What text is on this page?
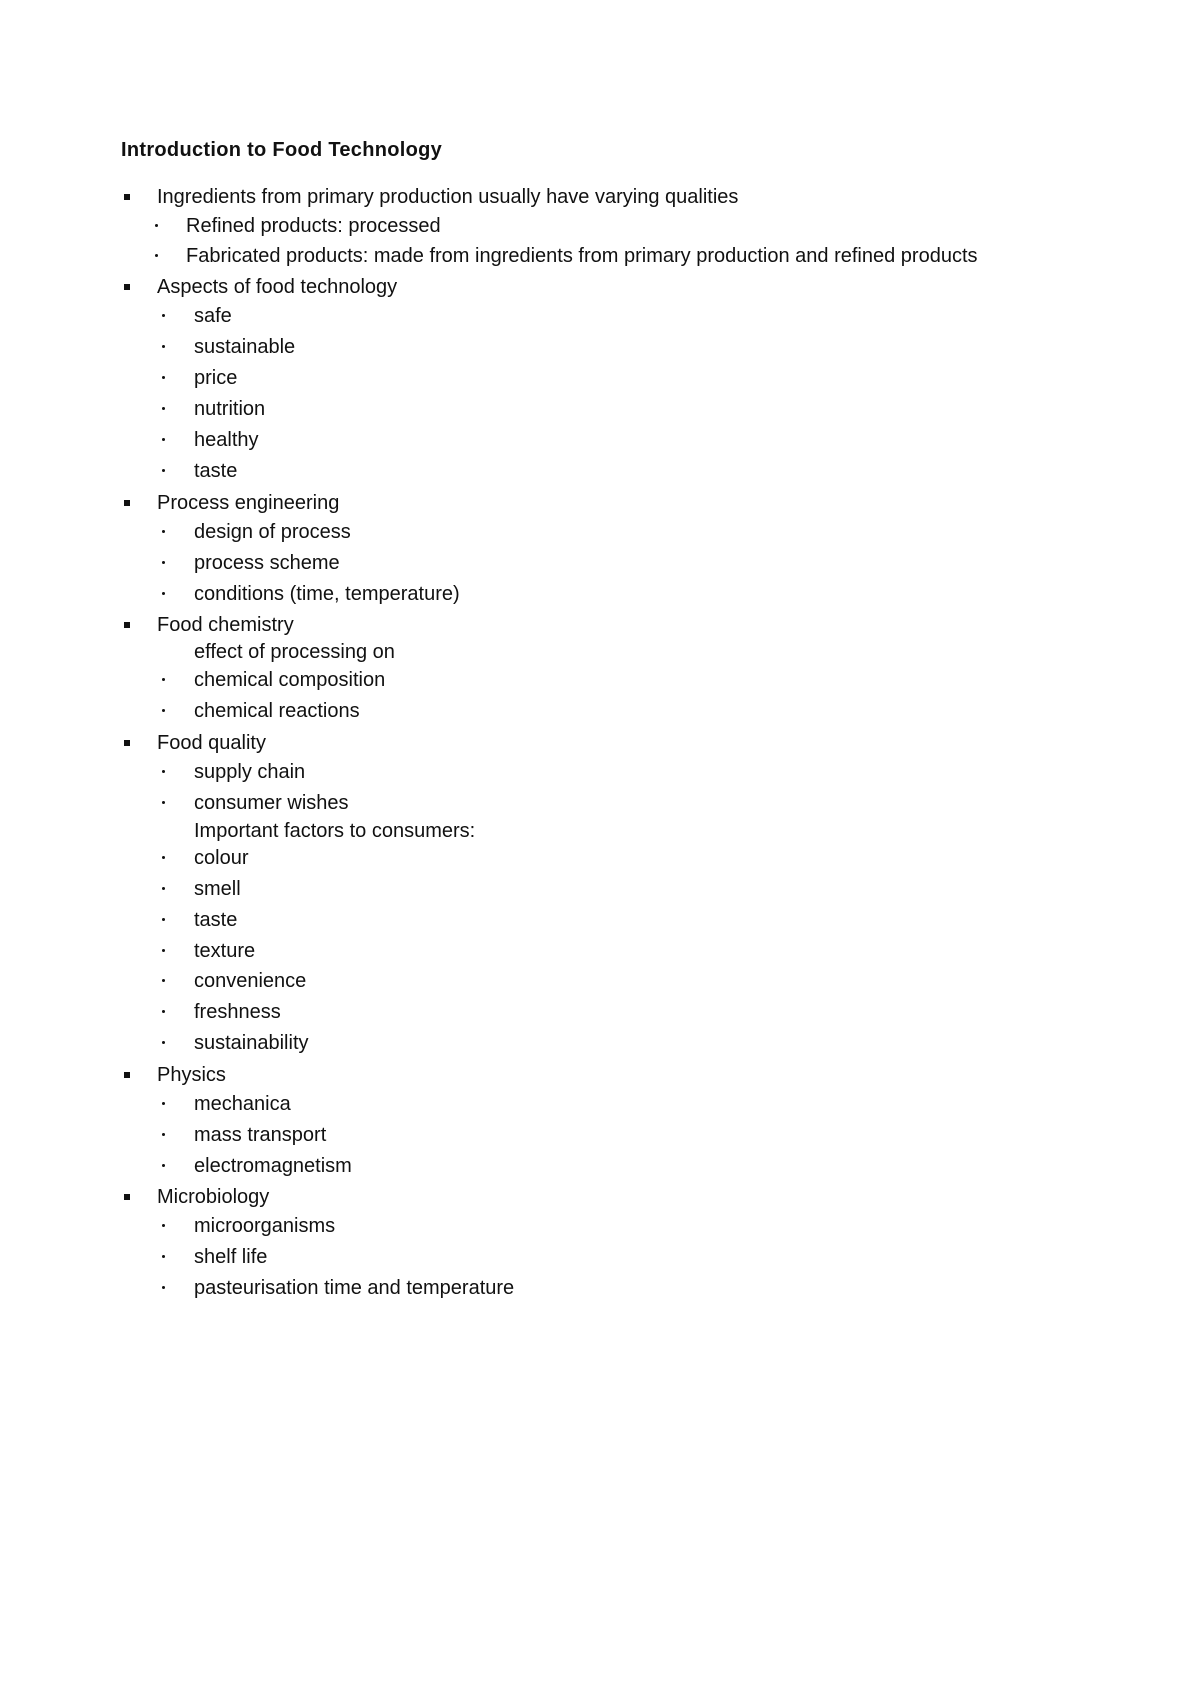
Introduction to Food Technology
Ingredients from primary production usually have varying qualities
Refined products: processed
Fabricated products: made from ingredients from primary production and refined products
Aspects of food technology
safe
sustainable
price
nutrition
healthy
taste
Process engineering
design of process
process scheme
conditions (time, temperature)
Food chemistry
effect of processing on
chemical composition
chemical reactions
Food quality
supply chain
consumer wishes
Important factors to consumers:
colour
smell
taste
texture
convenience
freshness
sustainability
Physics
mechanica
mass transport
electromagnetism
Microbiology
microorganisms
shelf life
pasteurisation time and temperature
